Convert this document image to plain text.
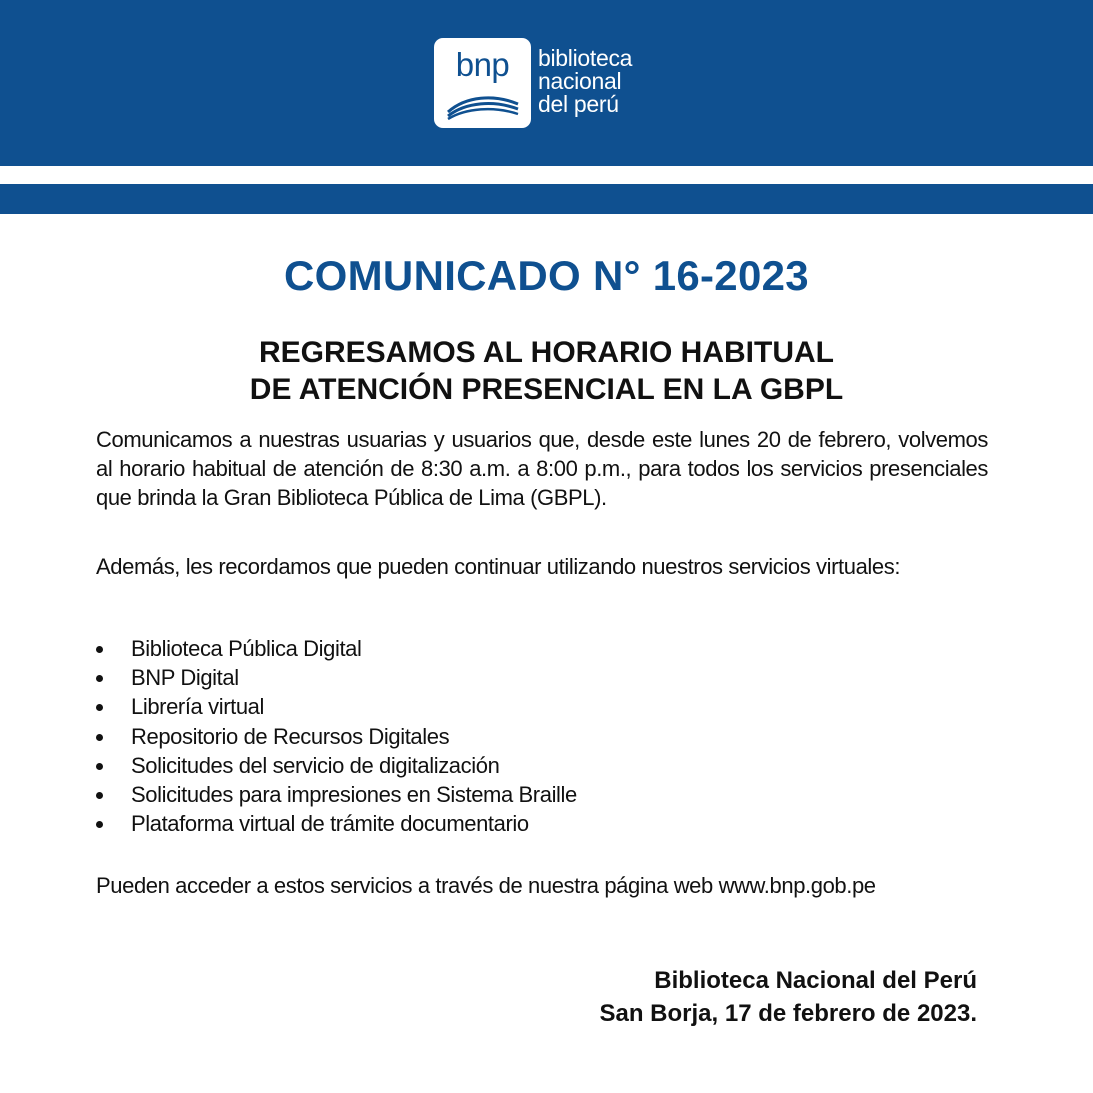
bnp	biblioteca
nacional
del perú
COMUNICADO N° 16-2023
REGRESAMOS AL HORARIO HABITUAL
DE ATENCIÓN PRESENCIAL EN LA GBPL
Comunicamos a nuestras usuarias y usuarios que, desde este lunes 20 de febrero, volvemos al horario habitual de atención de 8:30 a.m. a 8:00 p.m., para todos los servicios presenciales que brinda la Gran Biblioteca Pública de Lima (GBPL).
Además, les recordamos que pueden continuar utilizando nuestros servicios virtuales:
Biblioteca Pública Digital
BNP Digital
Librería virtual
Repositorio de Recursos Digitales
Solicitudes del servicio de digitalización
Solicitudes para impresiones en Sistema Braille
Plataforma virtual de trámite documentario
Pueden acceder a estos servicios a través de nuestra página web www.bnp.gob.pe
Biblioteca Nacional del Perú
San Borja, 17 de febrero de 2023.
